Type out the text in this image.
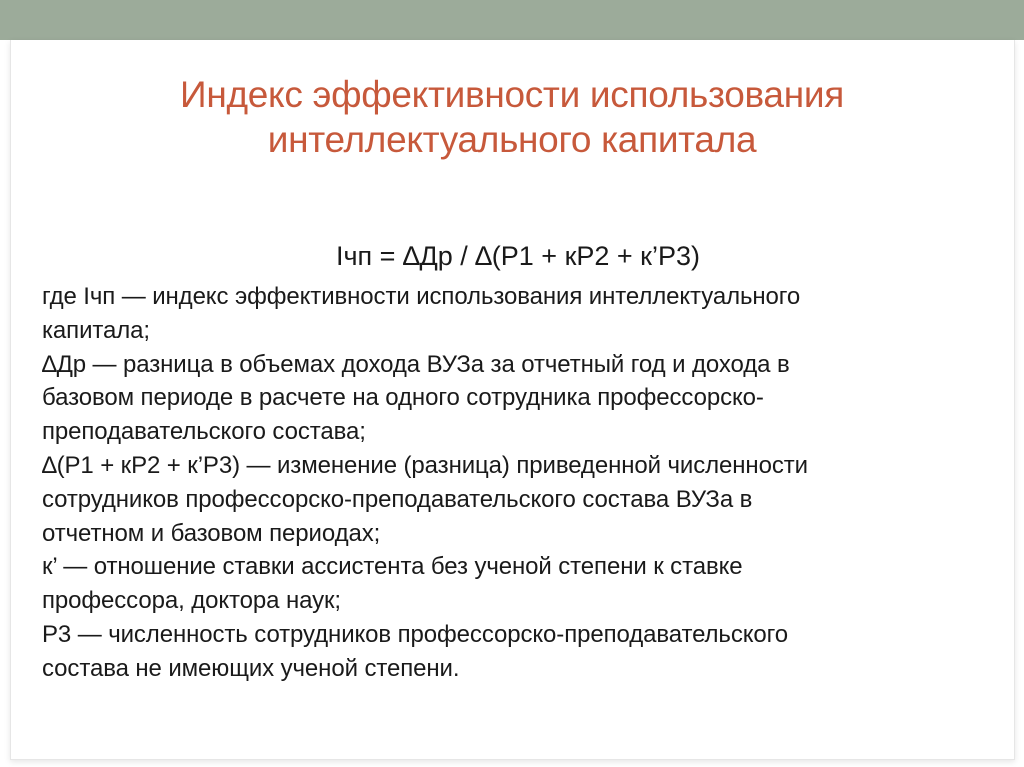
Индекс эффективности использования
интеллектуального капитала
Iчп = ∆Др / ∆(Р1 + кР2 + к’Р3)
где Iчп — индекс эффективности использования интеллектуального
капитала;
∆Др — разница в объемах дохода ВУЗа за отчетный год и дохода в
базовом периоде в расчете на одного сотрудника профессорско-
преподавательского состава;
∆(Р1 + кР2 + к’Р3) — изменение (разница) приведенной численности
сотрудников профессорско-преподавательского состава ВУЗа в
отчетном и базовом периодах;
к’ — отношение ставки ассистента без ученой степени к ставке
профессора, доктора наук;
Р3 — численность сотрудников профессорско-преподавательского
состава не имеющих ученой степени.
